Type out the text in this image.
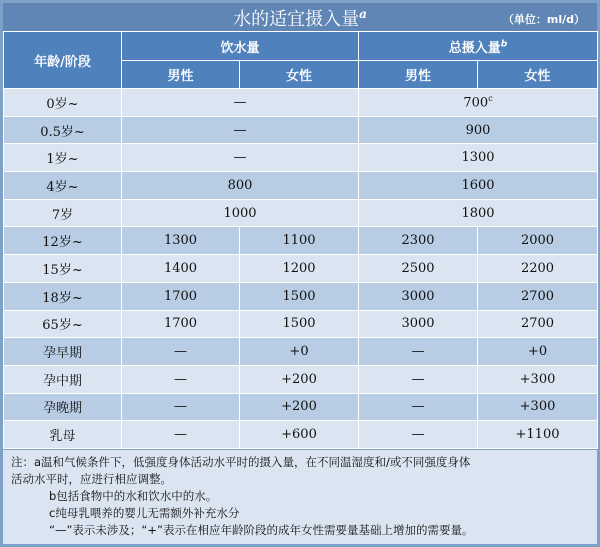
水的适宜摄入量$^a$	（单位：ml/d）
年龄/阶段	饮水量		总摄入量$^b$
	男性	女性	男性	女性
0岁~	—		700$^c$
0.5岁~	—		900	
1岁~	—		1300	
4岁~	800		1600	
7岁	1000		1800	
12岁~	1300	1100	2300	2000
15岁~	1400	1200	2500	2200
18岁~	1700	1500	3000	2700
65岁~	1700	1500	3000	2700
孕早期	—	+0	—	+0
孕中期	—	+200	—	+300
孕晚期	—	+200	—	+300
乳母	—	+600	—	+1100
注：a温和气候条件下，低强度身体活动水平时的摄入量，在不同温湿度和/或不同强度身体
活动水平时，应进行相应调整。
b包括食物中的水和饮水中的水。
c纯母乳喂养的婴儿无需额外补充水分
“—”表示未涉及；“+”表示在相应年龄阶段的成年女性需要量基础上增加的需要量。
